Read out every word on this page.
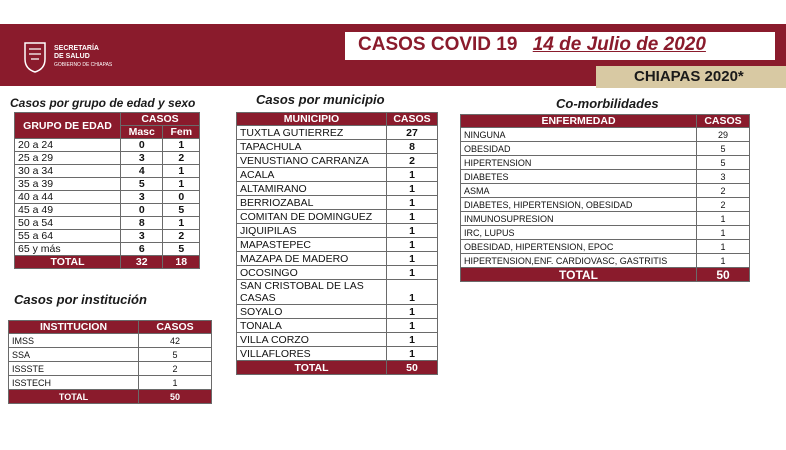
SECRETARÍA
DE SALUD
GOBIERNO DE CHIAPAS
CASOS COVID 19 14 de Julio de 2020
CHIAPAS 2020*
Casos por grupo de edad y sexo
GRUPO DE EDAD	CASOS	
	Masc	Fem
20 a 24	0	1
25 a 29	3	2
30 a 34	4	1
35 a 39	5	1
40 a 44	3	0
45 a 49	0	5
50 a 54	8	1
55 a 64	3	2
65 y más	6	5
TOTAL	32	18
Casos por institución
INSTITUCION	CASOS
IMSS	42
SSA	5
ISSSTE	2
ISSTECH	1
TOTAL	50
Casos por municipio
MUNICIPIO	CASOS
TUXTLA GUTIERREZ	27
TAPACHULA	8
VENUSTIANO CARRANZA	2
ACALA	1
ALTAMIRANO	1
BERRIOZABAL	1
COMITAN DE DOMINGUEZ	1
JIQUIPILAS	1
MAPASTEPEC	1
MAZAPA DE MADERO	1
OCOSINGO	1
SAN CRISTOBAL DE LAS CASAS	1
SOYALO	1
TONALA	1
VILLA CORZO	1
VILLAFLORES	1
TOTAL	50
Co-morbilidades
ENFERMEDAD	CASOS
NINGUNA	29
OBESIDAD	5
HIPERTENSION	5
DIABETES	3
ASMA	2
DIABETES, HIPERTENSION, OBESIDAD	2
INMUNOSUPRESION	1
IRC, LUPUS	1
OBESIDAD, HIPERTENSION, EPOC	1
HIPERTENSION,ENF. CARDIOVASC, GASTRITIS	1
TOTAL	50
